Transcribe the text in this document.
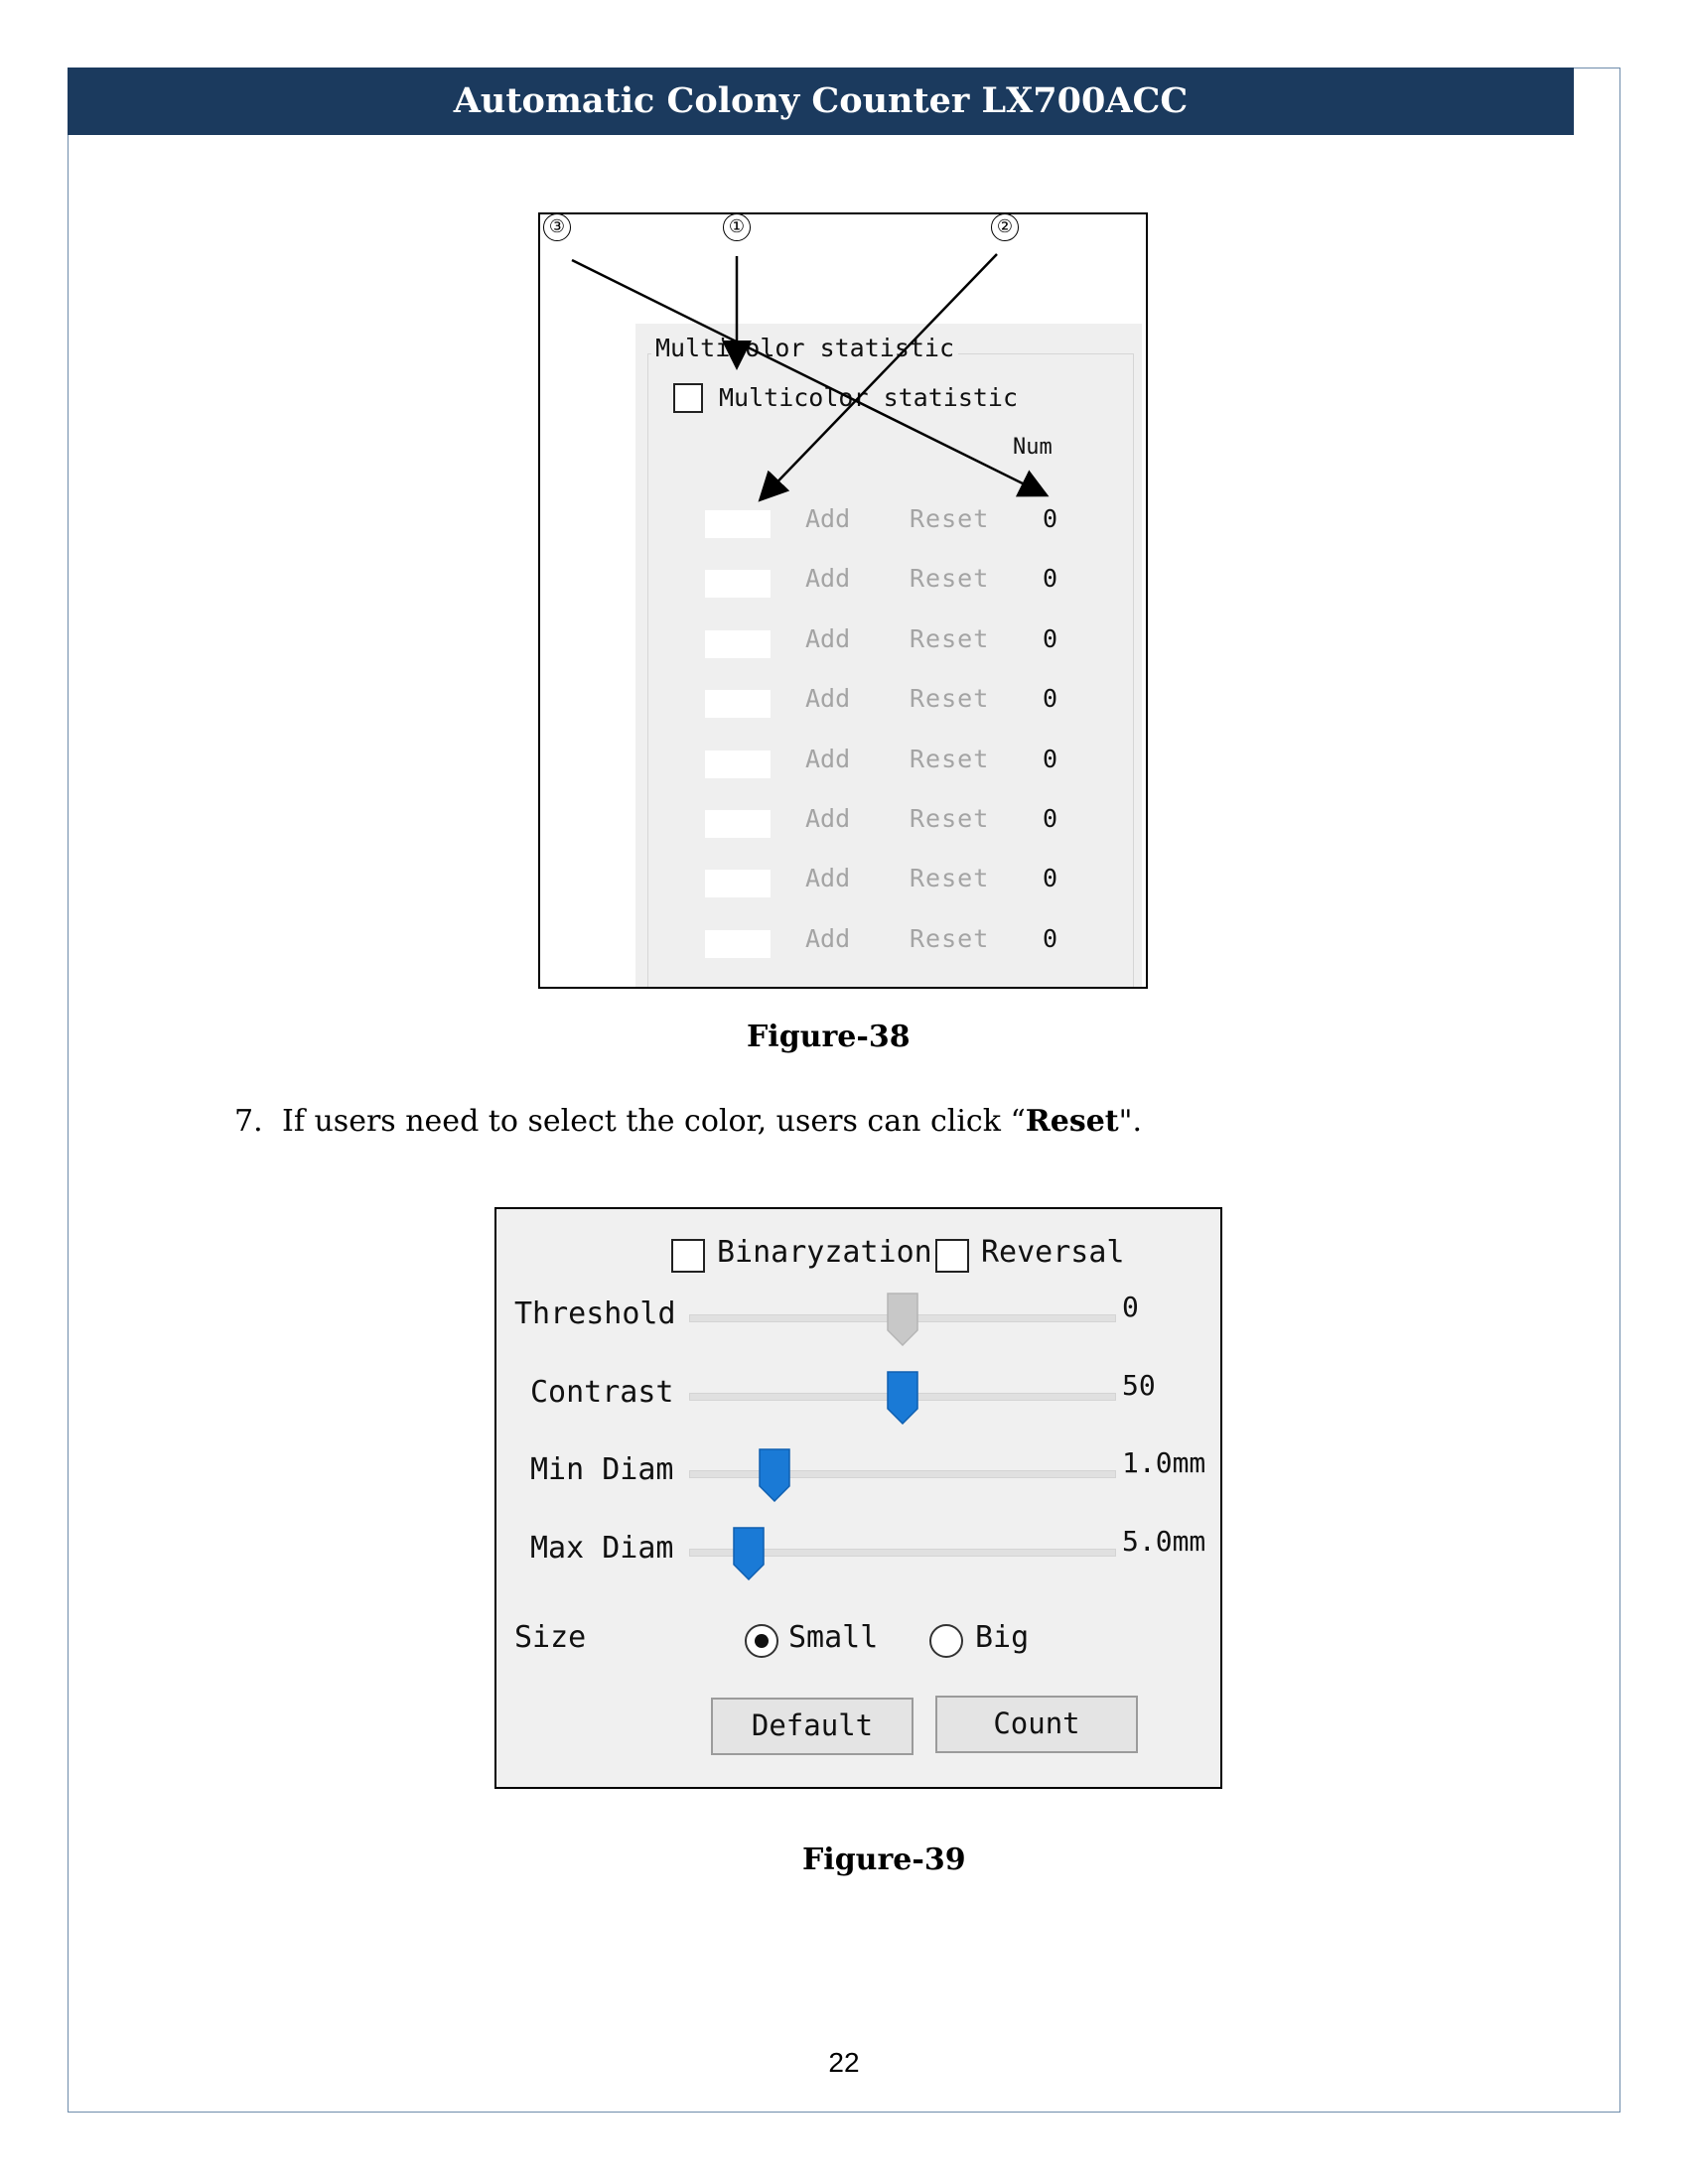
Automatic Colony Counter LX700ACC
Multicolor statistic
Multicolor statistic
Num
Add Reset 0
Add Reset 0
Add Reset 0
Add Reset 0
Add Reset 0
Add Reset 0
Add Reset 0
Add Reset 0
③	①	②
Figure-38
7. If users need to select the color, users can click “Reset".
Binaryzation Reversal
Threshold	0
Contrast	50
Min Diam	1.0mm
Max Diam	5.0mm
Size	Small	Big
Default	Count
Figure-39
22
